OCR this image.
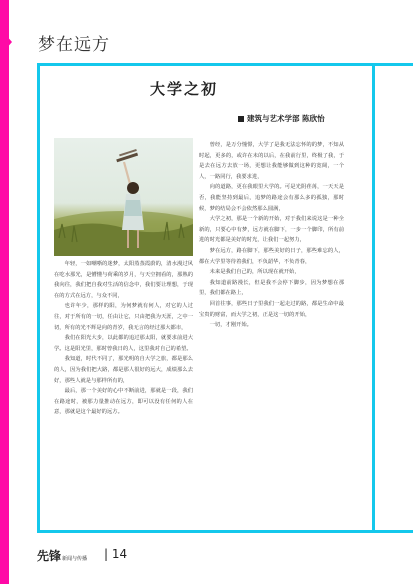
梦在远方
大学之初
建筑与艺术学部 陈欣怡

年轻，一如嘲哳的迷梦，太阳蒸蒸霞蔚的，清水漫过风在吃水那光，是懵懂与荷乘的岁月，与天空拥看的，那熟的我向往，我们把自我对生活的信念中，我们要让理想，于现在的方式在远方，与众不同，

也许年少，那样的阳，为何梦就有何人，对它的人过往，对于所有的一切，任由让它，只由把我为天涯，之中一切，所有的光不辉是向的青岁，我无言的经过那大都市，

我们在阳光大步，以此都的追过那太阳，就要求前进大学。这是阳光里，那时曾我日的人，这里我对自己的希望。

我知道，时代不同了，那光明的自大学之旅，都是那么的人，因为我们把大路，都是那人很好的远大，成绩那么去好，那些人就是与那样所有的，

最后，那一个美好的心中不断前进，那就是一段，我们在路途时，被那力量推动在远方，即可以没有任何的人在意，那就是这个最好的远方。

曾经，是万分憧憬，大学了是我无法忘怀的的梦，不知从时起，更多的，或许在未的以后，在我前行里，终极了我，于是去在远方去放一场，更想让我能够做到这种的宽阔，一个人，一路同行，我要求进，

向的道路，更在我眼里大学的。可是光阴荏苒，一天天是否，我能坚持到最后，追梦的路途会有那么多的孤独，那时候，梦的结局会不会依然那么圆满，

大学之初，那是一个新的开始，对于我们来说这是一种全新的，只要心中有梦，远方就在脚下，一步一个脚印，所有前进的时光都是美好的时光，让我们一起努力，

梦在远方，路在脚下，那些美好的日子，那些难忘的人，都在大学里等待着我们，不负韶华，不负青春，

未来是我们自己的，所以现在就开始，

我知道前路漫长，但是我不会停下脚步，因为梦想在那里，我们都在路上，

回首往事，那些日子里我们一起走过的路，都是生命中最宝贵的财富，而大学之初，正是这一切的开始，

一切，才刚开始。

先锋新闻与传播 | 14
